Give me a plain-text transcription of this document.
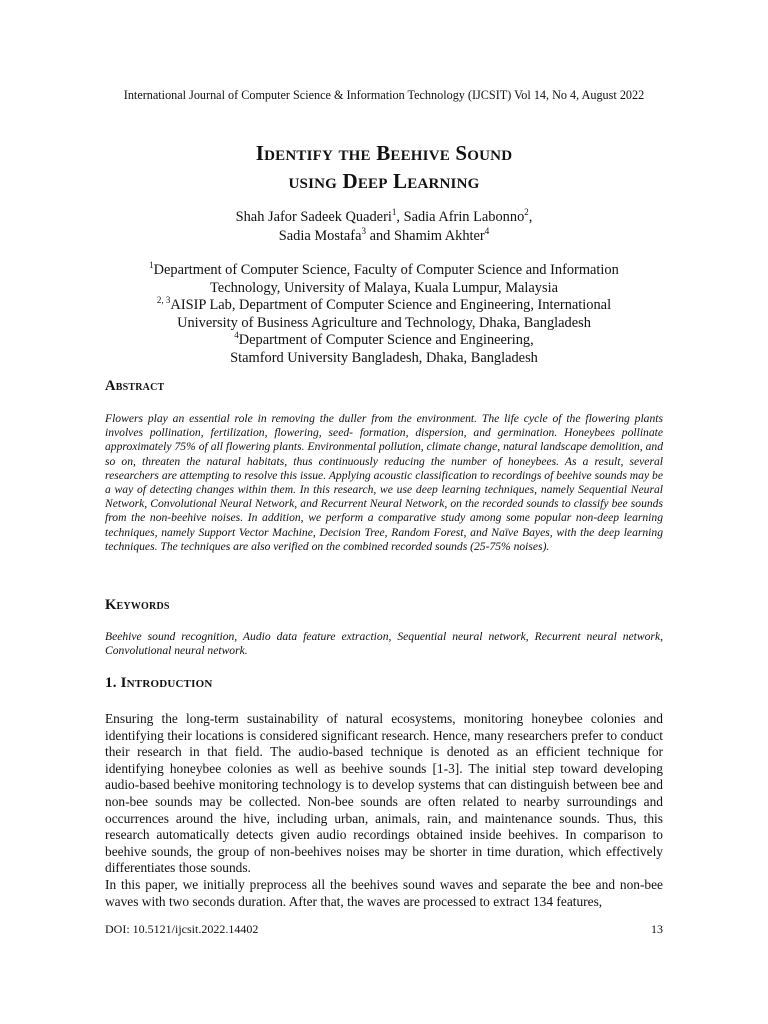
International Journal of Computer Science & Information Technology (IJCSIT) Vol 14, No 4, August 2022
Identify the Beehive Sound
using Deep Learning
Shah Jafor Sadeek Quaderi$^1$, Sadia Afrin Labonno$^2$,
Sadia Mostafa$^3$ and Shamim Akhter$^4$
$^1$Department of Computer Science, Faculty of Computer Science and Information
Technology, University of Malaya, Kuala Lumpur, Malaysia
$^{2, 3}$AISIP Lab, Department of Computer Science and Engineering, International
University of Business Agriculture and Technology, Dhaka, Bangladesh
$^4$Department of Computer Science and Engineering,
Stamford University Bangladesh, Dhaka, Bangladesh
Abstract
Flowers play an essential role in removing the duller from the environment. The life cycle of the flowering plants involves pollination, fertilization, flowering, seed- formation, dispersion, and germination. Honeybees pollinate approximately 75% of all flowering plants. Environmental pollution, climate change, natural landscape demolition, and so on, threaten the natural habitats, thus continuously reducing the number of honeybees. As a result, several researchers are attempting to resolve this issue. Applying acoustic classification to recordings of beehive sounds may be a way of detecting changes within them. In this research, we use deep learning techniques, namely Sequential Neural Network, Convolutional Neural Network, and Recurrent Neural Network, on the recorded sounds to classify bee sounds from the non-beehive noises. In addition, we perform a comparative study among some popular non-deep learning techniques, namely Support Vector Machine, Decision Tree, Random Forest, and Naïve Bayes, with the deep learning techniques. The techniques are also verified on the combined recorded sounds (25-75% noises).
Keywords
Beehive sound recognition, Audio data feature extraction, Sequential neural network, Recurrent neural network, Convolutional neural network.
1. Introduction
Ensuring the long-term sustainability of natural ecosystems, monitoring honeybee colonies and identifying their locations is considered significant research. Hence, many researchers prefer to conduct their research in that field. The audio-based technique is denoted as an efficient technique for identifying honeybee colonies as well as beehive sounds [1-3]. The initial step toward developing audio-based beehive monitoring technology is to develop systems that can distinguish between bee and non-bee sounds may be collected. Non-bee sounds are often related to nearby surroundings and occurrences around the hive, including urban, animals, rain, and maintenance sounds. Thus, this research automatically detects given audio recordings obtained inside beehives. In comparison to beehive sounds, the group of non-beehives noises may be shorter in time duration, which effectively differentiates those sounds.
In this paper, we initially preprocess all the beehives sound waves and separate the bee and non-bee waves with two seconds duration. After that, the waves are processed to extract 134 features,
DOI: 10.5121/ijcsit.2022.14402	13
